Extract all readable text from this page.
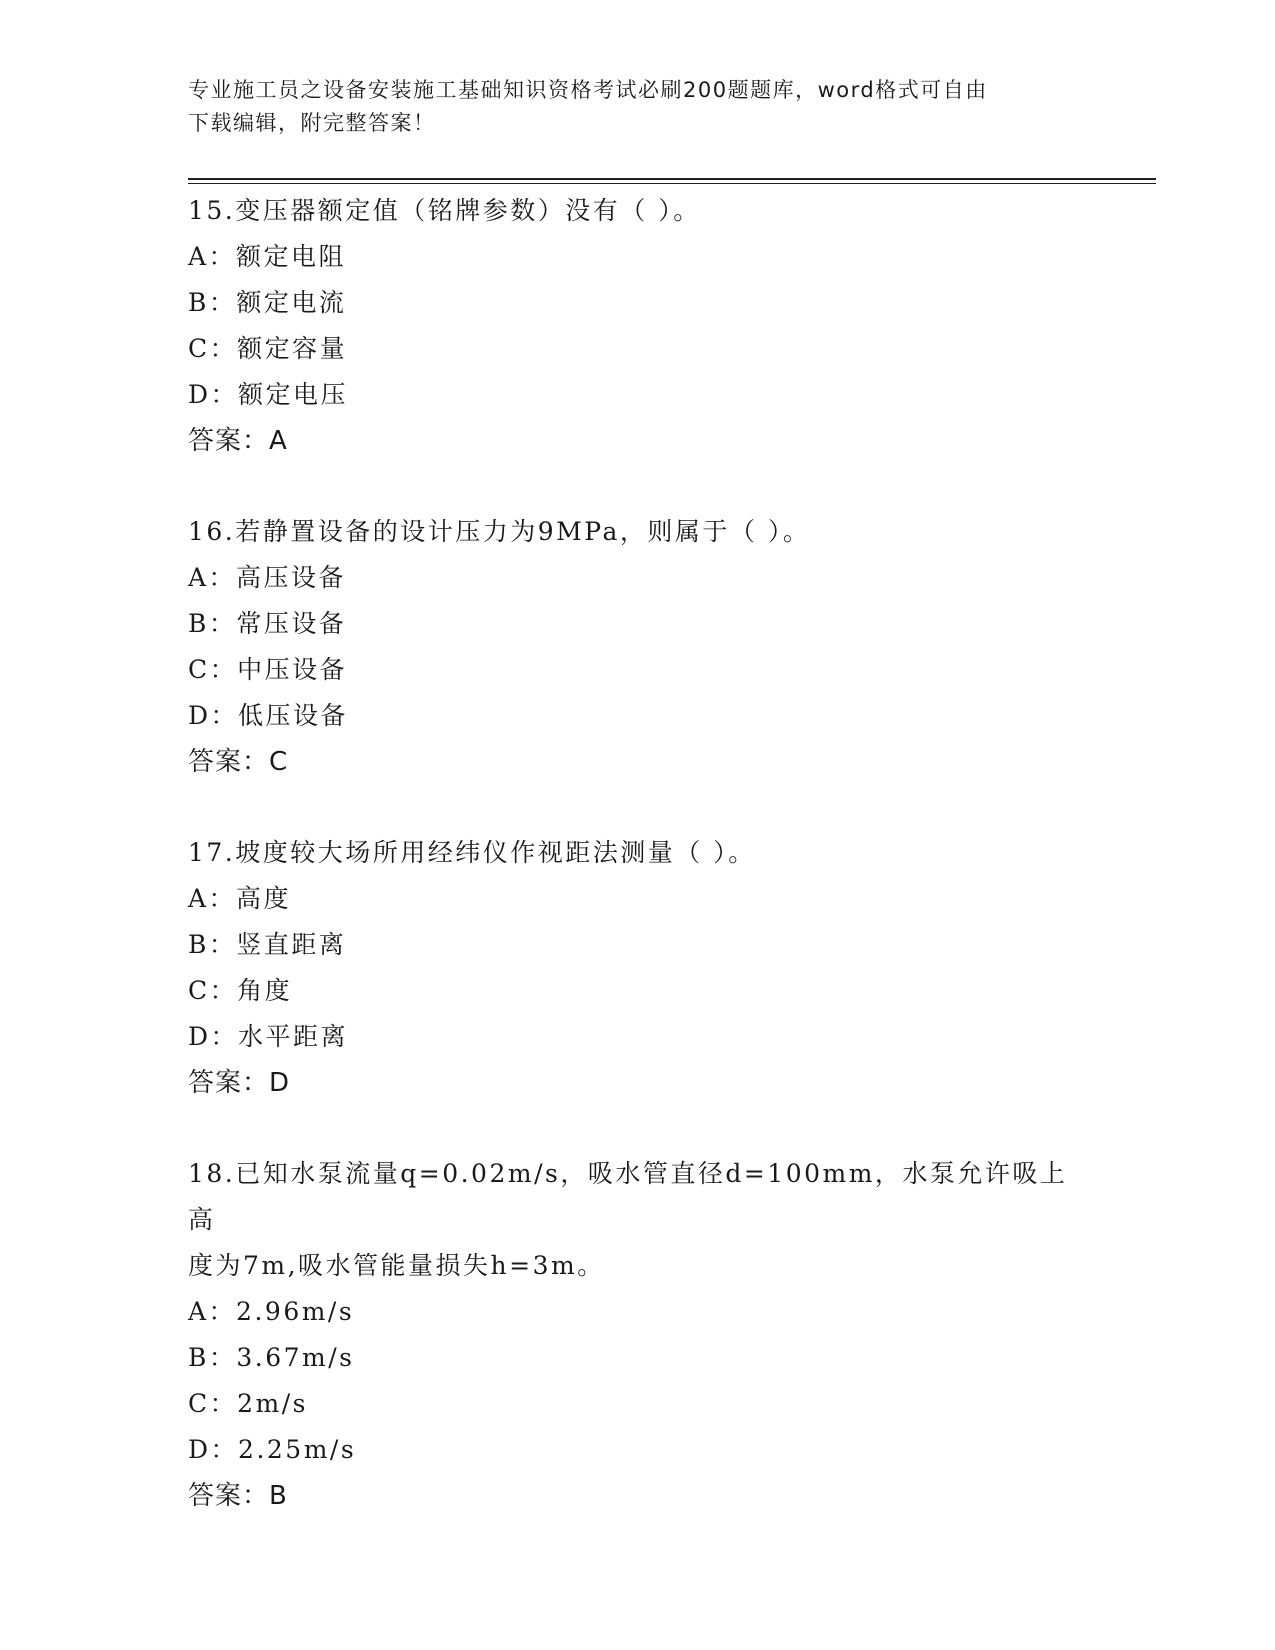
专业施工员之设备安装施工基础知识资格考试必刷200题题库，word格式可自由
下载编辑，附完整答案！
15.变压器额定值（铭牌参数）没有（ ）。
A：额定电阻
B：额定电流
C：额定容量
D：额定电压
答案：A
16.若静置设备的设计压力为9MPa，则属于（ ）。
A：高压设备
B：常压设备
C：中压设备
D：低压设备
答案：C
17.坡度较大场所用经纬仪作视距法测量（ ）。
A：高度
B：竖直距离
C：角度
D：水平距离
答案：D
18.已知水泵流量q=0.02m/s，吸水管直径d=100mm，水泵允许吸上高
度为7m,吸水管能量损失h=3m。
A：2.96m/s
B：3.67m/s
C：2m/s
D：2.25m/s
答案：B
